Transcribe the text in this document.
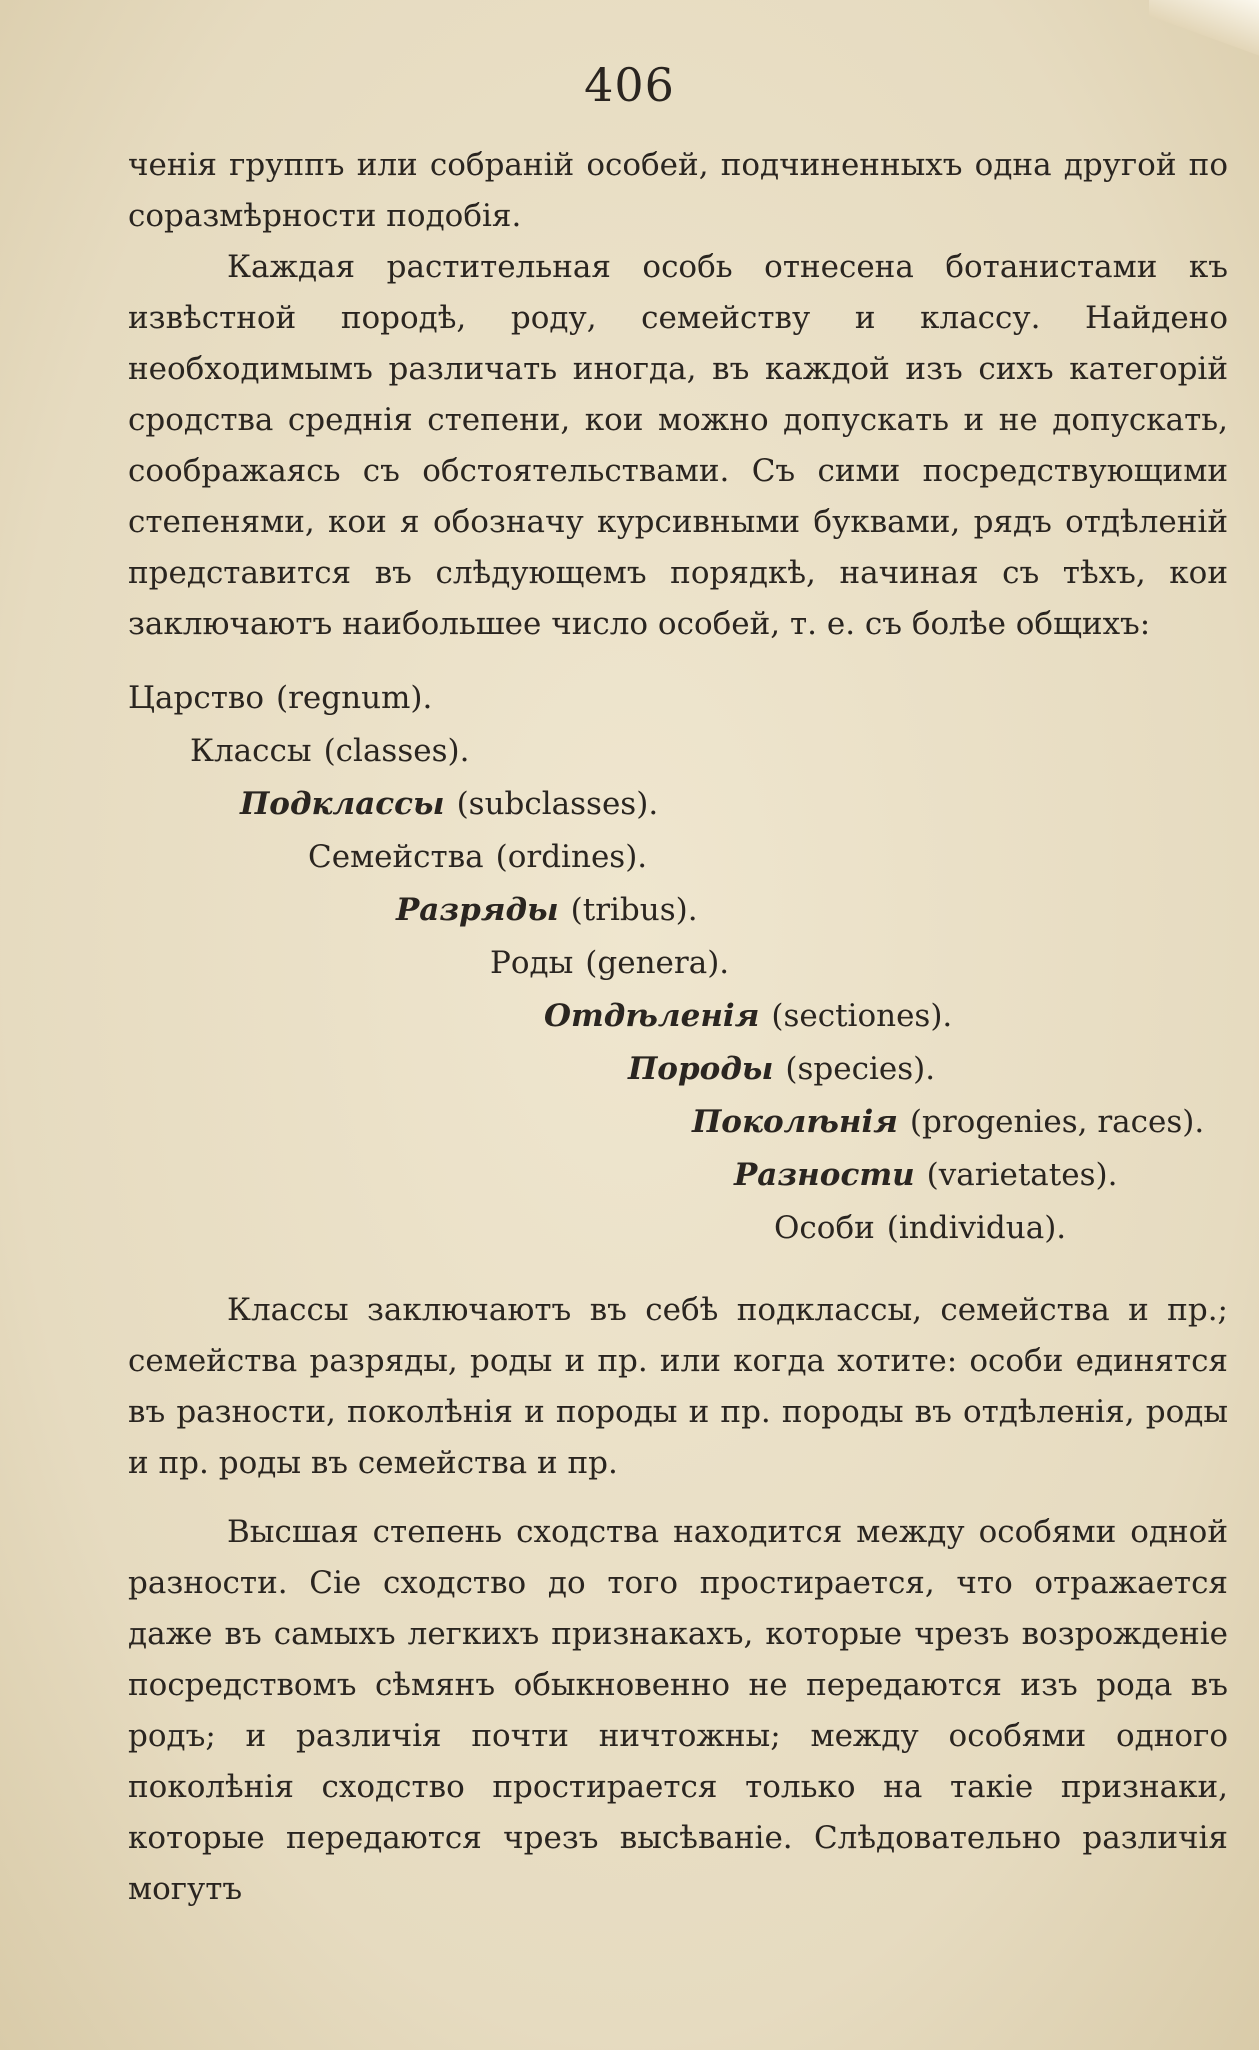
406

ченія группъ или собраній особей, подчиненныхъ одна другой по соразмѣрности подобія.

Каждая растительная особь отнесена ботанистами къ извѣстной породѣ, роду, семейству и классу. Найдено необходимымъ различать иногда, въ каждой изъ сихъ категорій сродства среднія степени, кои можно допускать и не допускать, соображаясь съ обстоятельствами. Съ сими посредствующими степенями, кои я обозначу курсивными буквами, рядъ отдѣленій представится въ слѣдующемъ порядкѣ, начиная съ тѣхъ, кои заключаютъ наибольшее число особей, т. е. съ болѣе общихъ:

Царство (regnum).
Классы (classes).
Подклассы (subclasses).
Семейства (ordines).
Разряды (tribus).
Роды (genera).
Отдѣленія (sectiones).
Породы (species).
Поколѣнія (progenies, races).
Разности (varietates).
Особи (individua).

Классы заключаютъ въ себѣ подклассы, семейства и пр.; семейства разряды, роды и пр. или когда хотите: особи единятся въ разности, поколѣнія и породы и пр. породы въ отдѣленія, роды и пр. роды въ семейства и пр.

Высшая степень сходства находится между особями одной разности. Сіе сходство до того простирается, что отражается даже въ самыхъ легкихъ признакахъ, которые чрезъ возрожденіе посредствомъ сѣмянъ обыкновенно не передаются изъ рода въ родъ; и различія почти ничтожны; между особями одного поколѣнія сходство простирается только на такіе признаки, которые передаются чрезъ высѣваніе. Слѣдовательно различія могутъ
